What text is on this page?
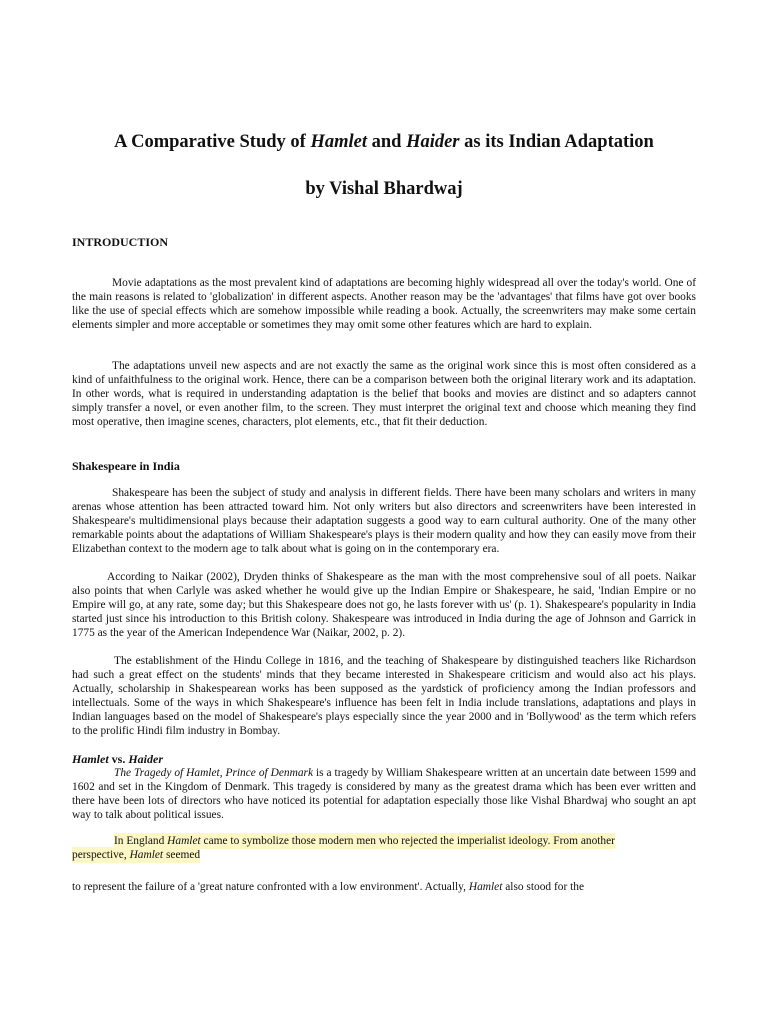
A Comparative Study of Hamlet and Haider as its Indian Adaptation
by Vishal Bhardwaj
INTRODUCTION

Movie adaptations as the most prevalent kind of adaptations are becoming highly widespread all over the today's world. One of the main reasons is related to 'globalization' in different aspects. Another reason may be the 'advantages' that films have got over books like the use of special effects which are somehow impossible while reading a book. Actually, the screenwriters may make some certain elements simpler and more acceptable or sometimes they may omit some other features which are hard to explain.

The adaptations unveil new aspects and are not exactly the same as the original work since this is most often considered as a kind of unfaithfulness to the original work. Hence, there can be a comparison between both the original literary work and its adaptation. In other words, what is required in understanding adaptation is the belief that books and movies are distinct and so adapters cannot simply transfer a novel, or even another film, to the screen. They must interpret the original text and choose which meaning they find most operative, then imagine scenes, characters, plot elements, etc., that fit their deduction.

Shakespeare in India

Shakespeare has been the subject of study and analysis in different fields. There have been many scholars and writers in many arenas whose attention has been attracted toward him. Not only writers but also directors and screenwriters have been interested in Shakespeare's multidimensional plays because their adaptation suggests a good way to earn cultural authority. One of the many other remarkable points about the adaptations of William Shakespeare's plays is their modern quality and how they can easily move from their Elizabethan context to the modern age to talk about what is going on in the contemporary era.

According to Naikar (2002), Dryden thinks of Shakespeare as the man with the most comprehensive soul of all poets. Naikar also points that when Carlyle was asked whether he would give up the Indian Empire or Shakespeare, he said, 'Indian Empire or no Empire will go, at any rate, some day; but this Shakespeare does not go, he lasts forever with us' (p. 1). Shakespeare's popularity in India started just since his introduction to this British colony. Shakespeare was introduced in India during the age of Johnson and Garrick in 1775 as the year of the American Independence War (Naikar, 2002, p. 2).

The establishment of the Hindu College in 1816, and the teaching of Shakespeare by distinguished teachers like Richardson had such a great effect on the students' minds that they became interested in Shakespeare criticism and would also act his plays. Actually, scholarship in Shakespearean works has been supposed as the yardstick of proficiency among the Indian professors and intellectuals. Some of the ways in which Shakespeare's influence has been felt in India include translations, adaptations and plays in Indian languages based on the model of Shakespeare's plays especially since the year 2000 and in 'Bollywood' as the term which refers to the prolific Hindi film industry in Bombay.

Hamlet vs. Haider

The Tragedy of Hamlet, Prince of Denmark is a tragedy by William Shakespeare written at an uncertain date between 1599 and 1602 and set in the Kingdom of Denmark. This tragedy is considered by many as the greatest drama which has been ever written and there have been lots of directors who have noticed its potential for adaptation especially those like Vishal Bhardwaj who sought an apt way to talk about political issues.

In England Hamlet came to symbolize those modern men who rejected the imperialist ideology. From another
perspective, Hamlet seemed
to represent the failure of a 'great nature confronted with a low environment'. Actually, Hamlet also stood for the
